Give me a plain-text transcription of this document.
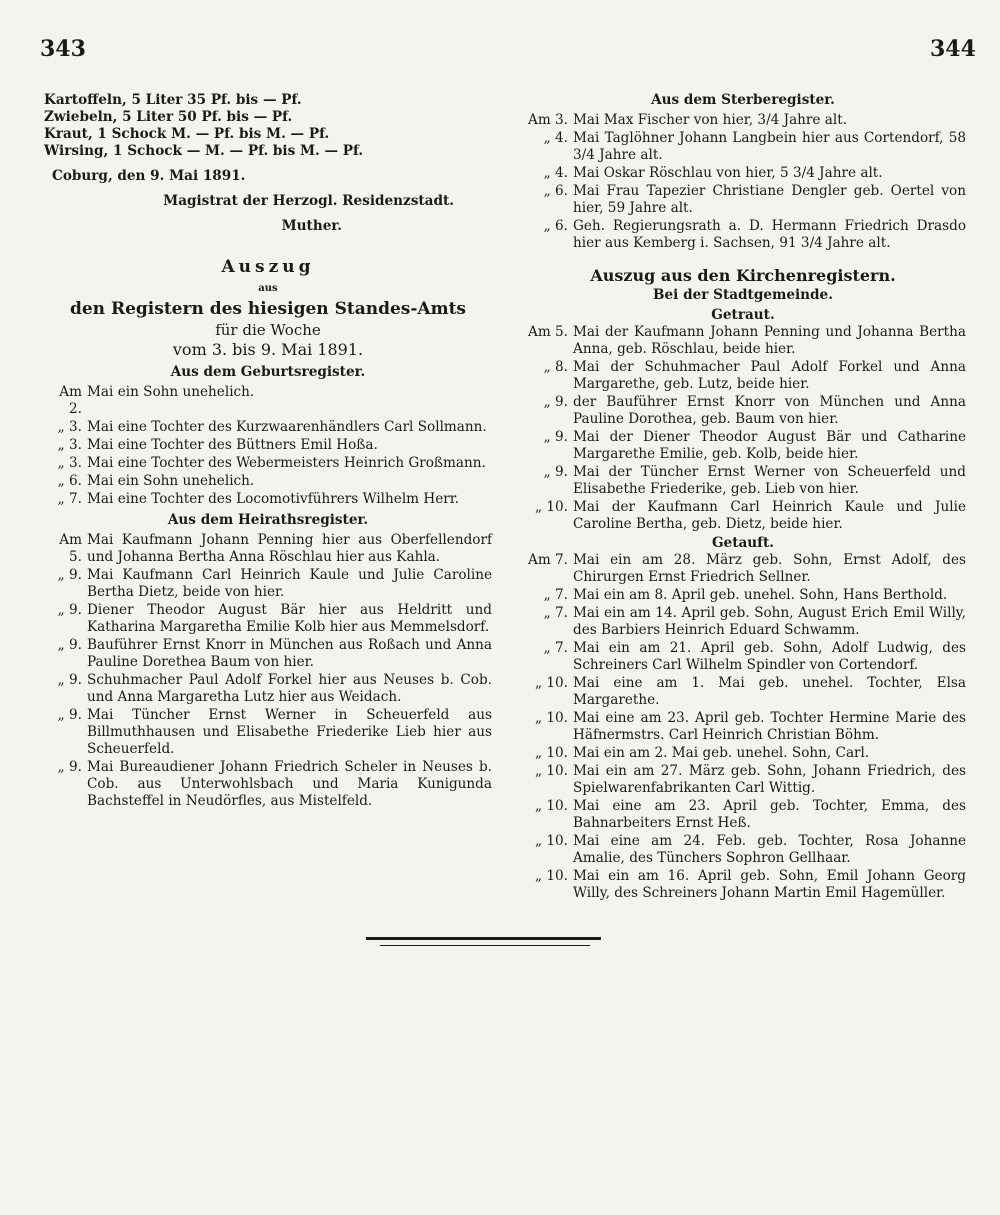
343	344

Kartoffeln, 5 Liter 35 Pf. bis — Pf.

Zwiebeln, 5 Liter 50 Pf. bis — Pf.

Kraut, 1 Schock M. — Pf. bis M. — Pf.

Wirsing, 1 Schock — M. — Pf. bis M. — Pf.

Coburg, den 9. Mai 1891.

Magistrat der Herzogl. Residenzstadt.

Muther.

Auszug

aus

den Registern des hiesigen Standes-Amts

für die Woche

vom 3. bis 9. Mai 1891.

Aus dem Geburtsregister.

Am 2.
Mai ein Sohn unehelich.
„ 3. Mai eine Tochter des Kurzwaarenhändlers Carl Sollmann.
„ 3. Mai eine Tochter des Büttners Emil Hoßa.
„ 3. Mai eine Tochter des Webermeisters Heinrich Großmann.
„ 6. Mai ein Sohn unehelich.
„ 7. Mai eine Tochter des Locomotivführers Wilhelm Herr.

Aus dem Heirathsregister.

Am 5.
Mai Kaufmann Johann Penning hier aus Oberfellendorf und Johanna Bertha Anna Röschlau hier aus Kahla.
„ 9. Mai Kaufmann Carl Heinrich Kaule und Julie Caroline Bertha Dietz, beide von hier.
„ 9. Diener Theodor August Bär hier aus Heldritt und Katharina Margaretha Emilie Kolb hier aus Memmelsdorf.
„ 9. Bauführer Ernst Knorr in München aus Roßach und Anna Pauline Dorethea Baum von hier.
„ 9. Schuhmacher Paul Adolf Forkel hier aus Neuses b. Cob. und Anna Margaretha Lutz hier aus Weidach.
„ 9. Mai Tüncher Ernst Werner in Scheuerfeld aus Billmuthhausen und Elisabethe Friederike Lieb hier aus Scheuerfeld.
„ 9. Mai Bureaudiener Johann Friedrich Scheler in Neuses b. Cob. aus Unterwohlsbach und Maria Kunigunda Bachsteffel in Neudörfles, aus Mistelfeld.

Aus dem Sterberegister.

Am 3. Mai Max Fischer von hier, 3/4 Jahre alt.
„ 4. Mai Taglöhner Johann Langbein hier aus Cortendorf, 58 3/4 Jahre alt.
„ 4. Mai Oskar Röschlau von hier, 5 3/4 Jahre alt.
„ 6. Mai Frau Tapezier Christiane Dengler geb. Oertel von hier, 59 Jahre alt.
„ 6. Geh. Regierungsrath a. D. Hermann Friedrich Drasdo hier aus Kemberg i. Sachsen, 91 3/4 Jahre alt.

Auszug aus den Kirchenregistern.

Bei der Stadtgemeinde.

Getraut.

Am 5. Mai der Kaufmann Johann Penning und Johanna Bertha Anna, geb. Röschlau, beide hier.
„ 8. Mai der Schuhmacher Paul Adolf Forkel und Anna Margarethe, geb. Lutz, beide hier.
„ 9. der Bauführer Ernst Knorr von München und Anna Pauline Dorothea, geb. Baum von hier.
„ 9. Mai der Diener Theodor August Bär und Catharine Margarethe Emilie, geb. Kolb, beide hier.
„ 9. Mai der Tüncher Ernst Werner von Scheuerfeld und Elisabethe Friederike, geb. Lieb von hier.
„ 10. Mai der Kaufmann Carl Heinrich Kaule und Julie Caroline Bertha, geb. Dietz, beide hier.

Getauft.

Am 7. Mai ein am 28. März geb. Sohn, Ernst Adolf, des Chirurgen Ernst Friedrich Sellner.
„ 7. Mai ein am 8. April geb. unehel. Sohn, Hans Berthold.
„ 7. Mai ein am 14. April geb. Sohn, August Erich Emil Willy, des Barbiers Heinrich Eduard Schwamm.
„ 7. Mai ein am 21. April geb. Sohn, Adolf Ludwig, des Schreiners Carl Wilhelm Spindler von Cortendorf.
„ 10. Mai eine am 1. Mai geb. unehel. Tochter, Elsa Margarethe.
„ 10. Mai eine am 23. April geb. Tochter Hermine Marie des Häfnermstrs. Carl Heinrich Christian Böhm.
„ 10. Mai ein am 2. Mai geb. unehel. Sohn, Carl.
„ 10. Mai ein am 27. März geb. Sohn, Johann Friedrich, des Spielwarenfabrikanten Carl Wittig.
„ 10. Mai eine am 23. April geb. Tochter, Emma, des Bahnarbeiters Ernst Heß.
„ 10. Mai eine am 24. Feb. geb. Tochter, Rosa Johanne Amalie, des Tünchers Sophron Gellhaar.
„ 10. Mai ein am 16. April geb. Sohn, Emil Johann Georg Willy, des Schreiners Johann Martin Emil Hagemüller.
